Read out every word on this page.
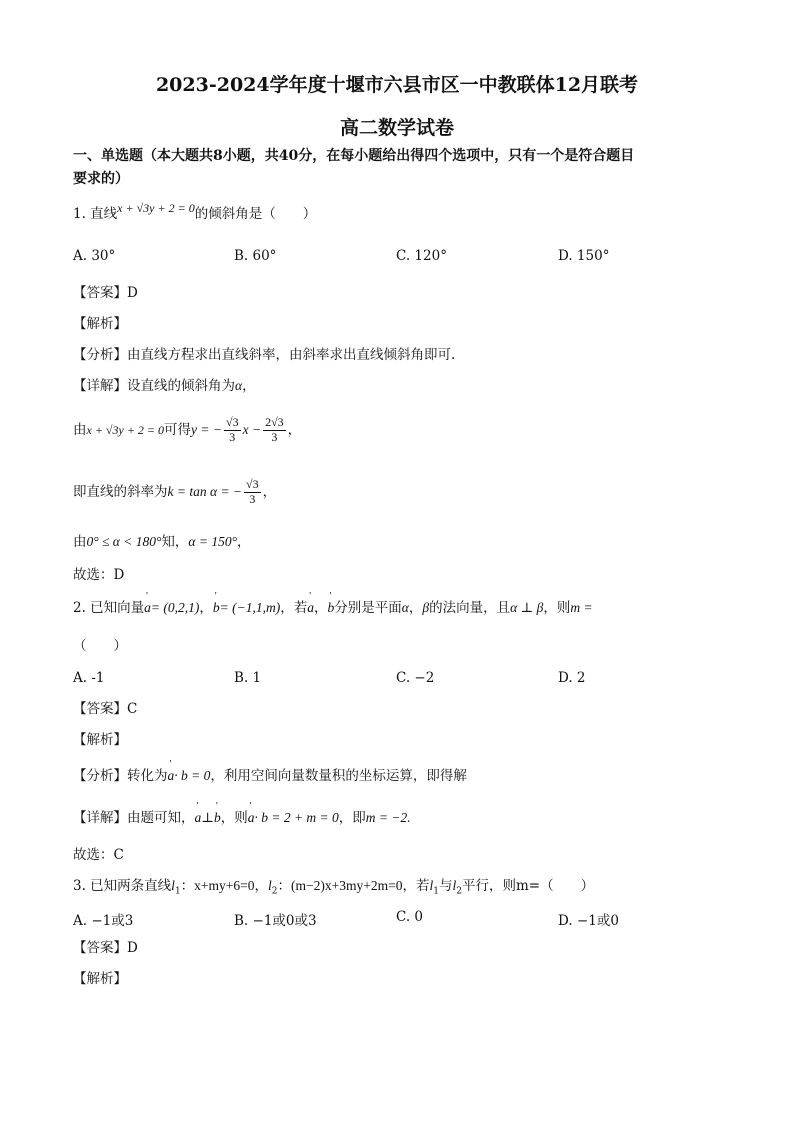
2023-2024学年度十堰市六县市区一中教联体12月联考
高二数学试卷
一、单选题（本大题共8小题，共40分，在每小题给出得四个选项中，只有一个是符合题目
要求的）
1. 直线x + √3y + 2 = 0的倾斜角是（　　）
A. 30°	B. 60°	C. 120°	D. 150°
【答案】D
【解析】
【分析】由直线方程求出直线斜率，由斜率求出直线倾斜角即可.
【详解】设直线的倾斜角为α，
由x + √3y + 2 = 0可得y = − $\frac{√3}{3}$ $x - \frac{2√3}{3}$ ，
即直线的斜率为k = tan α = − $\frac{√3}{3}$ ，
由0° ≤ α < 180°知，α = 150°，
故选：D
2. 已知向量' a= (0,2,1)，' b= (−1,1,m)，若' a，' b分别是平面α，β的法向量，且α ⊥ β，则m =
（　　）
A. -1	B. 1	C. −2	D. 2
【答案】C
【解析】
【分析】转化为' a· b = 0，利用空间向量数量积的坐标运算，即得解
【详解】由题可知，' a⊥' b，则' a· b = 2 + m = 0，即m = −2.
故选：C
3. 已知两条直线$l_1$：x+my+6=0，$l_2$：(m−2)x+3my+2m=0，若$l_1$与$l_2$平行，则m=（　　）
A. −1或3	B. −1或0或3	C. 0	D. −1或0
【答案】D
【解析】
